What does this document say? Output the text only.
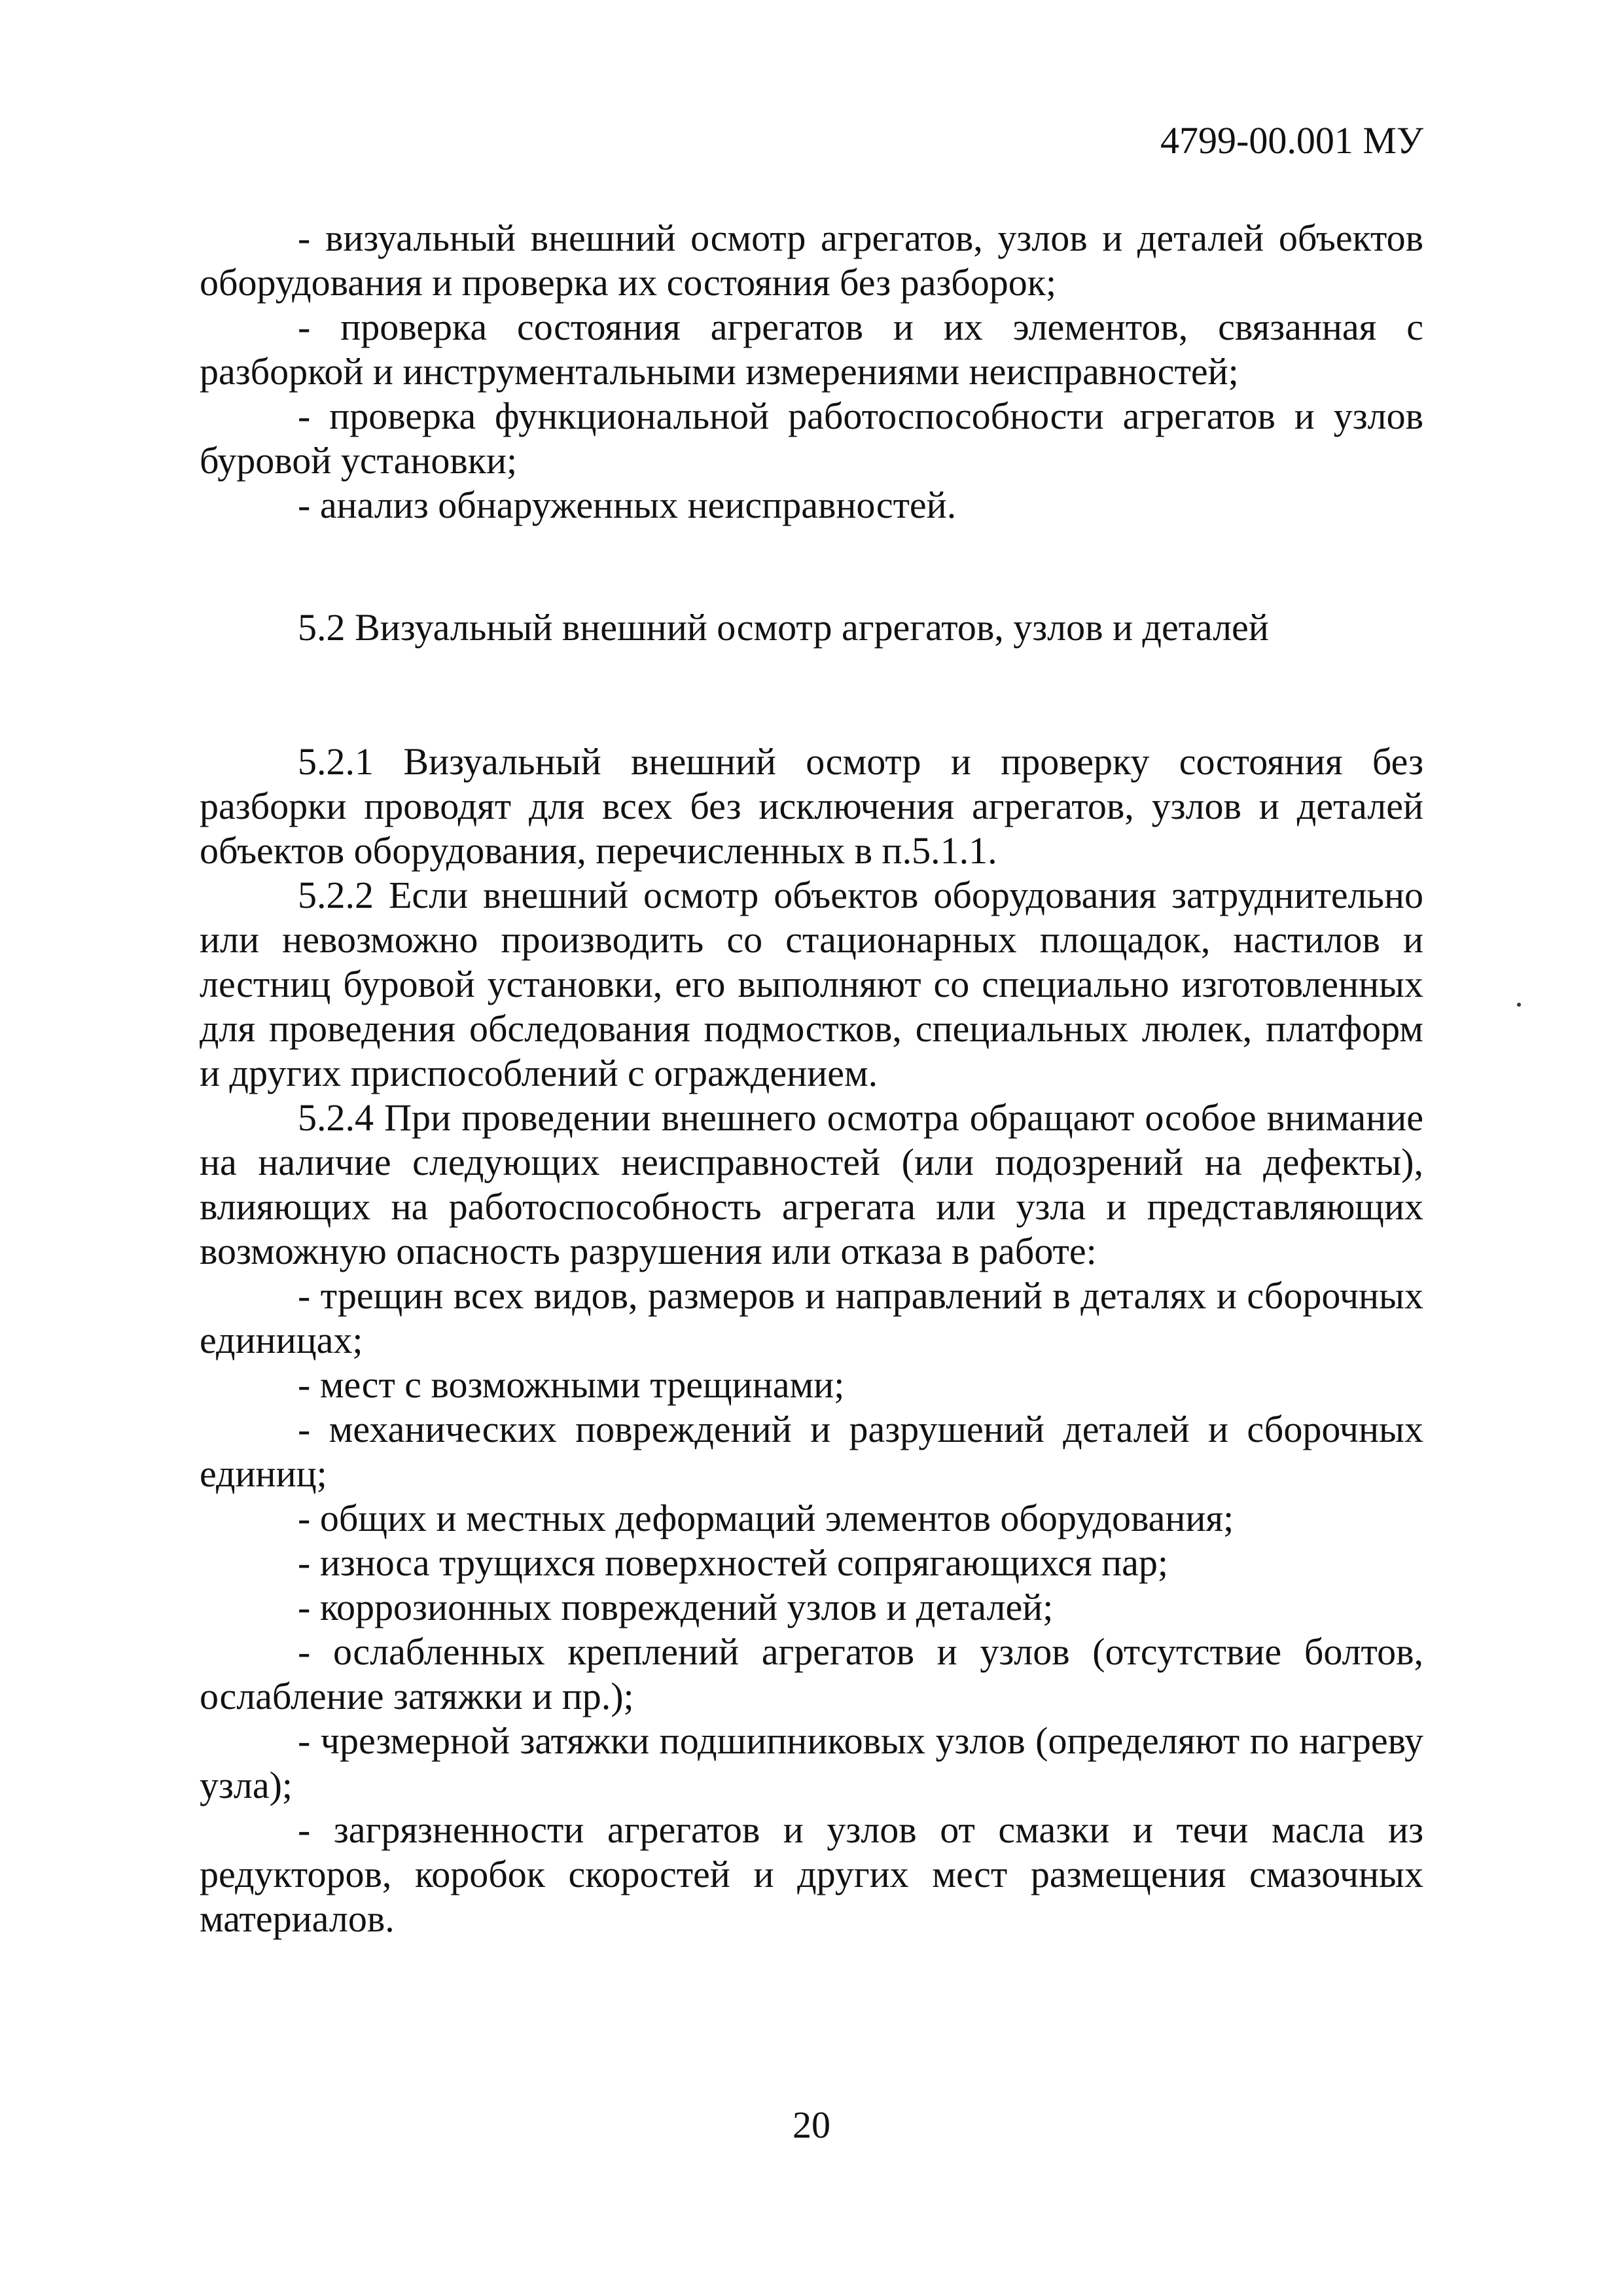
4799-00.001 МУ

- визуальный внешний осмотр агрегатов, узлов и деталей объектов оборудования и проверка их состояния без разборок;

- проверка состояния агрегатов и их элементов, связанная с разборкой и инструментальными измерениями неисправностей;

- проверка функциональной работоспособности агрегатов и узлов буровой установки;

- анализ обнаруженных неисправностей.

5.2 Визуальный внешний осмотр агрегатов, узлов и деталей

5.2.1 Визуальный внешний осмотр и проверку состояния без разборки проводят для всех без исключения агрегатов, узлов и деталей объектов оборудования, перечисленных в п.5.1.1.

5.2.2 Если внешний осмотр объектов оборудования затруднительно или невозможно производить со стационарных площадок, настилов и лестниц буровой установки, его выполняют со специально изготовленных для проведения обследования подмостков, специальных люлек, платформ и других приспособлений с ограждением.

5.2.4 При проведении внешнего осмотра обращают особое внимание на наличие следующих неисправностей (или подозрений на дефекты), влияющих на работоспособность агрегата или узла и представляющих возможную опасность разрушения или отказа в работе:

- трещин всех видов, размеров и направлений в деталях и сборочных единицах;

- мест с возможными трещинами;

- механических повреждений и разрушений деталей и сборочных единиц;

- общих и местных деформаций элементов оборудования;

- износа трущихся поверхностей сопрягающихся пар;

- коррозионных повреждений узлов и деталей;

- ослабленных креплений агрегатов и узлов (отсутствие болтов, ослабление затяжки и пр.);

- чрезмерной затяжки подшипниковых узлов (определяют по нагреву узла);

- загрязненности агрегатов и узлов от смазки и течи масла из редукторов, коробок скоростей и других мест размещения смазочных материалов.

20
